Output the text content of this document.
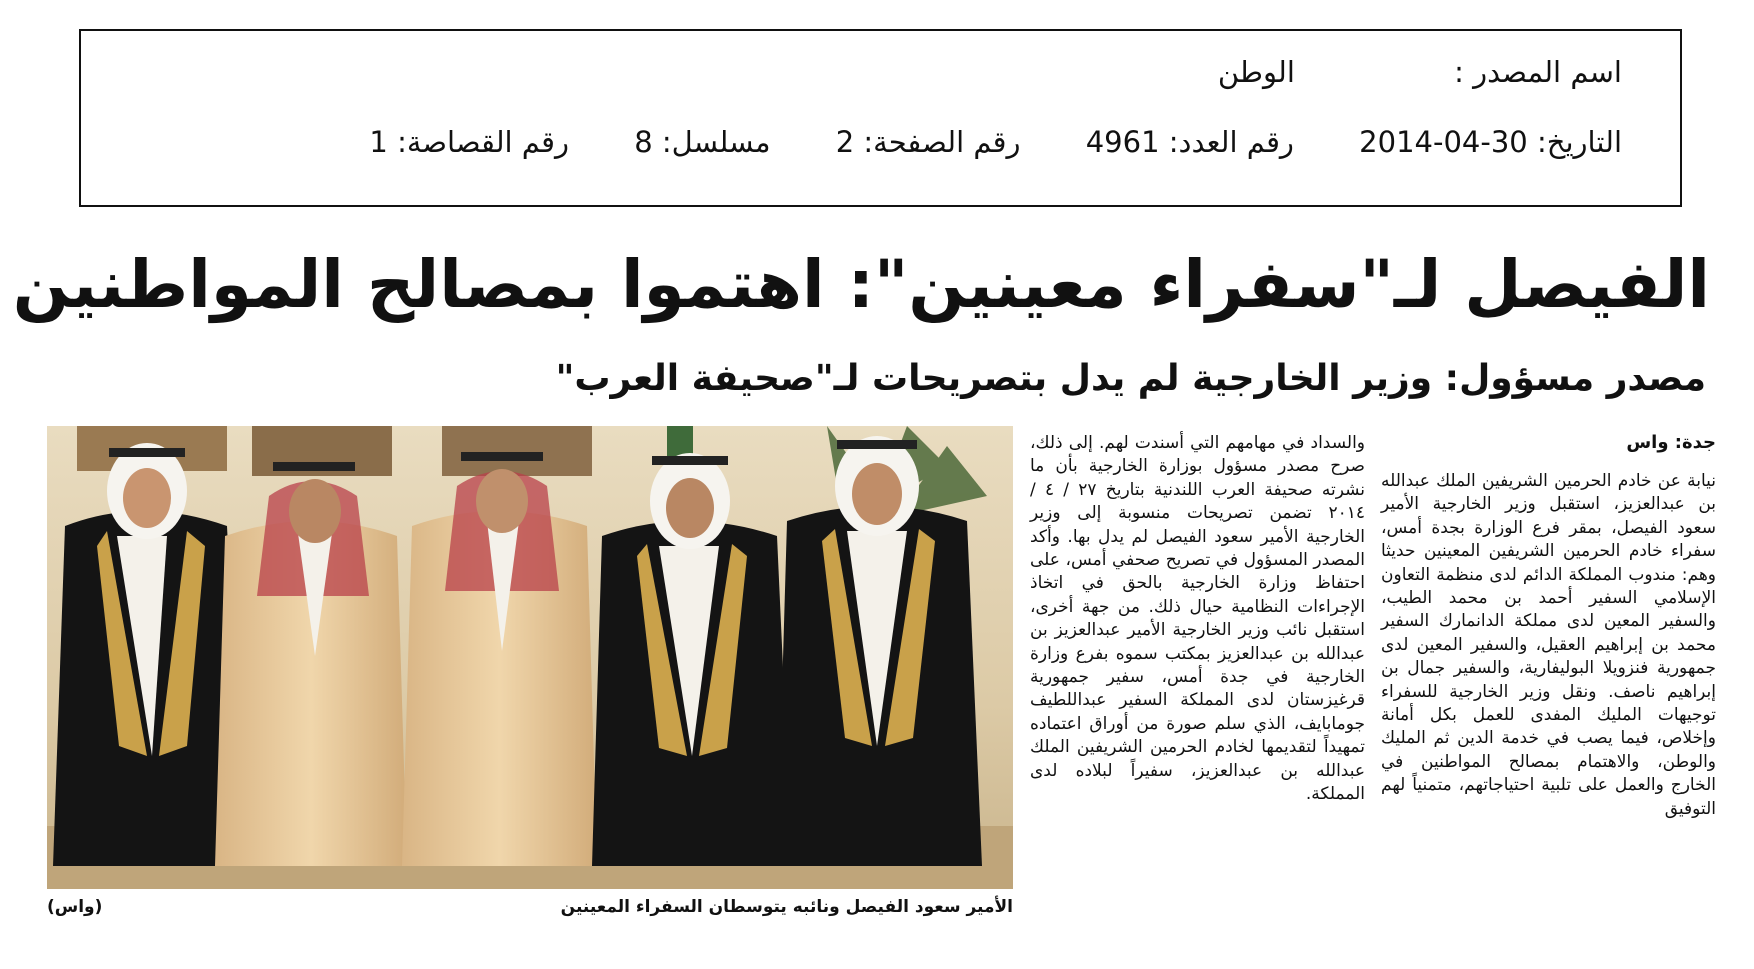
اسم المصدر : الوطن
التاريخ: 30-04-2014 رقم العدد: 4961 رقم الصفحة: 2 مسلسل: 8 رقم القصاصة: 1
الفيصل لـ"سفراء معينين": اهتموا بمصالح المواطنين
مصدر مسؤول: وزير الخارجية لم يدل بتصريحات لـ"صحيفة العرب"
جدة: واس
نيابة عن خادم الحرمين الشريفين الملك عبدالله بن عبدالعزيز، استقبل وزير الخارجية الأمير سعود الفيصل، بمقر فرع الوزارة بجدة أمس، سفراء خادم الحرمين الشريفين المعينين حديثا وهم: مندوب المملكة الدائم لدى منظمة التعاون الإسلامي السفير أحمد بن محمد الطيب، والسفير المعين لدى مملكة الدانمارك السفير محمد بن إبراهيم العقيل، والسفير المعين لدى جمهورية فنزويلا البوليفارية، والسفير جمال بن إبراهيم ناصف. ونقل وزير الخارجية للسفراء توجيهات المليك المفدى للعمل بكل أمانة وإخلاص، فيما يصب في خدمة الدين ثم المليك والوطن، والاهتمام بمصالح المواطنين في الخارج والعمل على تلبية احتياجاتهم، متمنياً لهم التوفيق
والسداد في مهامهم التي أسندت لهم. إلى ذلك، صرح مصدر مسؤول بوزارة الخارجية بأن ما نشرته صحيفة العرب اللندنية بتاريخ ٢٧ / ٤ / ٢٠١٤ تضمن تصريحات منسوبة إلى وزير الخارجية الأمير سعود الفيصل لم يدل بها. وأكد المصدر المسؤول في تصريح صحفي أمس، على احتفاظ وزارة الخارجية بالحق في اتخاذ الإجراءات النظامية حيال ذلك. من جهة أخرى، استقبل نائب وزير الخارجية الأمير عبدالعزيز بن عبدالله بن عبدالعزيز بمكتب سموه بفرع وزارة الخارجية في جدة أمس، سفير جمهورية قرغيزستان لدى المملكة السفير عبداللطيف جومابايف، الذي سلم صورة من أوراق اعتماده تمهيداً لتقديمها لخادم الحرمين الشريفين الملك عبدالله بن عبدالعزيز، سفيراً لبلاده لدى المملكة.
الأمير سعود الفيصل ونائبه يتوسطان السفراء المعينين
(واس)
